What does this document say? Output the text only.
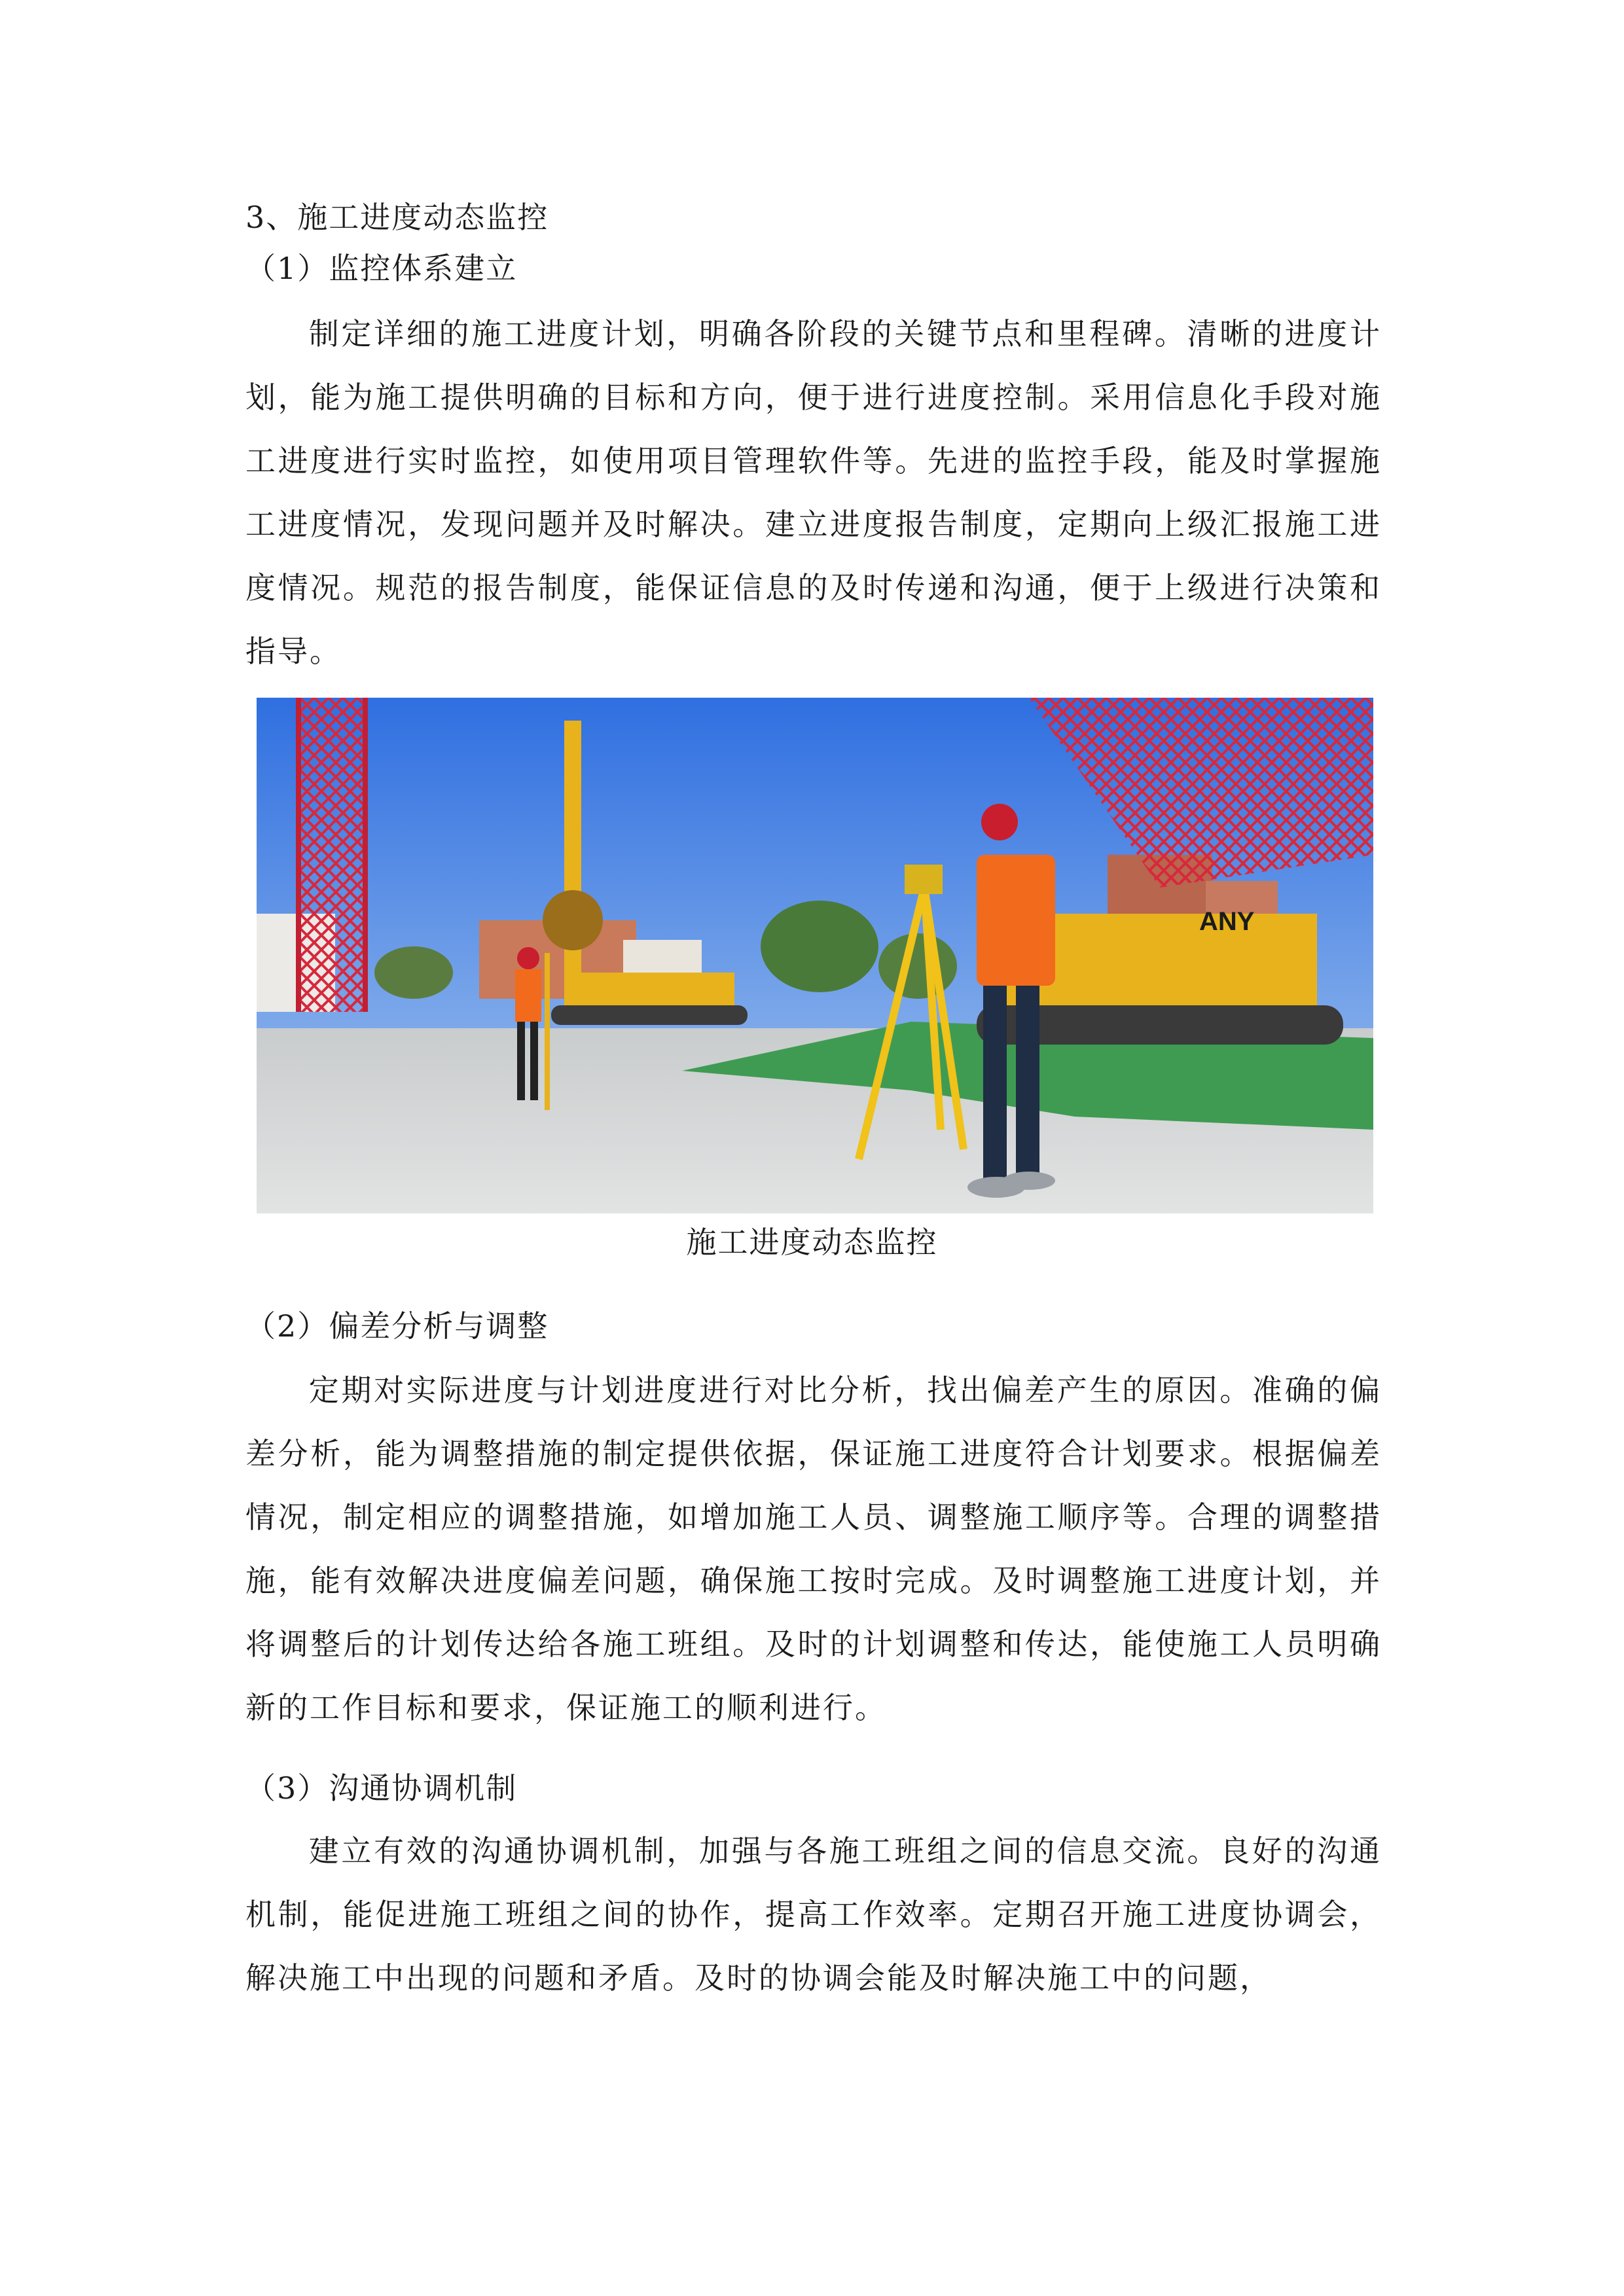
3、施工进度动态监控
（1）监控体系建立

制定详细的施工进度计划，明确各阶段的关键节点和里程碑。清晰的进度计划，能为施工提供明确的目标和方向，便于进行进度控制。采用信息化手段对施工进度进行实时监控，如使用项目管理软件等。先进的监控手段，能及时掌握施工进度情况，发现问题并及时解决。建立进度报告制度，定期向上级汇报施工进度情况。规范的报告制度，能保证信息的及时传递和沟通，便于上级进行决策和指导。

ANY
施工进度动态监控
（2）偏差分析与调整

定期对实际进度与计划进度进行对比分析，找出偏差产生的原因。准确的偏差分析，能为调整措施的制定提供依据，保证施工进度符合计划要求。根据偏差情况，制定相应的调整措施，如增加施工人员、调整施工顺序等。合理的调整措施，能有效解决进度偏差问题，确保施工按时完成。及时调整施工进度计划，并将调整后的计划传达给各施工班组。及时的计划调整和传达，能使施工人员明确新的工作目标和要求，保证施工的顺利进行。

（3）沟通协调机制

建立有效的沟通协调机制，加强与各施工班组之间的信息交流。良好的沟通机制，能促进施工班组之间的协作，提高工作效率。定期召开施工进度协调会，解决施工中出现的问题和矛盾。及时的协调会能及时解决施工中的问题，
